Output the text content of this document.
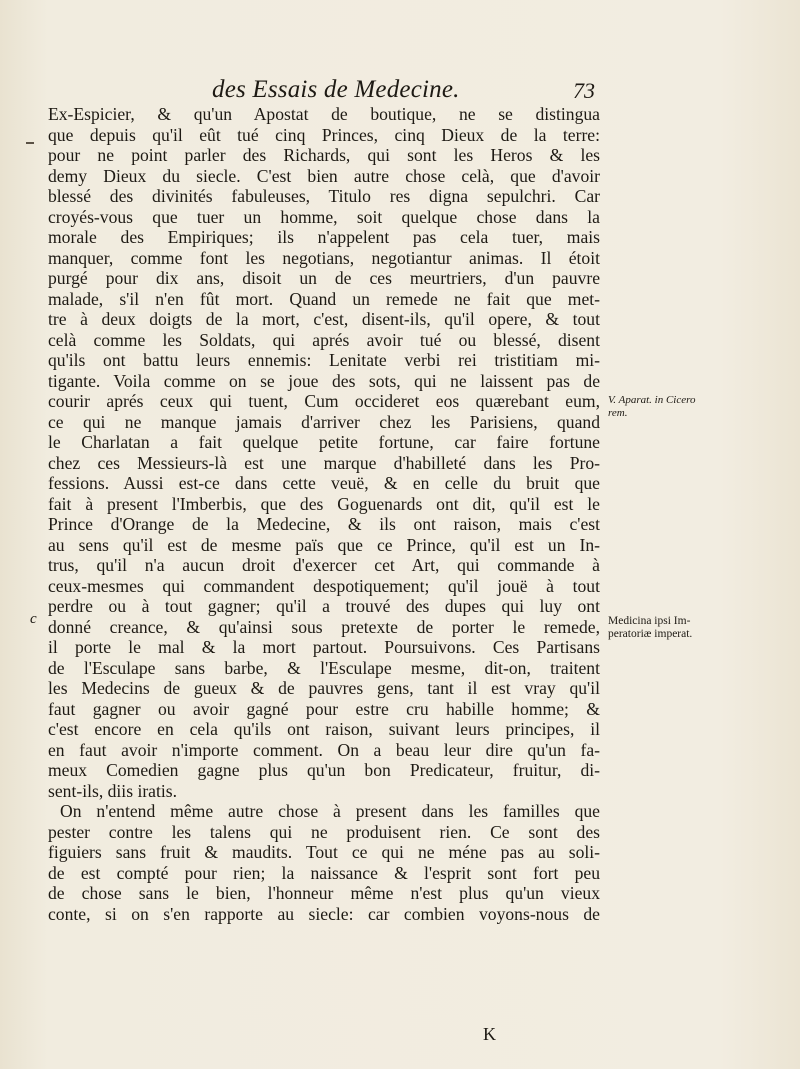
des Essais de Medecine.	73
c
Ex-Espicier, & qu'un Apostat de boutique, ne se distingua
que depuis qu'il eût tué cinq Princes, cinq Dieux de la terre:
pour ne point parler des Richards, qui sont les Heros & les
demy Dieux du siecle. C'est bien autre chose celà, que d'avoir
blessé des divinités fabuleuses, Titulo res digna sepulchri. Car
croyés-vous que tuer un homme, soit quelque chose dans la
morale des Empiriques; ils n'appelent pas cela tuer, mais
manquer, comme font les negotians, negotiantur animas. Il étoit
purgé pour dix ans, disoit un de ces meurtriers, d'un pauvre
malade, s'il n'en fût mort. Quand un remede ne fait que met-
tre à deux doigts de la mort, c'est, disent-ils, qu'il opere, & tout
celà comme les Soldats, qui aprés avoir tué ou blessé, disent
qu'ils ont battu leurs ennemis: Lenitate verbi rei tristitiam mi-
tigante. Voila comme on se joue des sots, qui ne laissent pas de
courir aprés ceux qui tuent, Cum occideret eos quærebant eum,
ce qui ne manque jamais d'arriver chez les Parisiens, quand
le Charlatan a fait quelque petite fortune, car faire fortune
chez ces Messieurs-là est une marque d'habilleté dans les Pro-
fessions. Aussi est-ce dans cette veuë, & en celle du bruit que
fait à present l'Imberbis, que des Goguenards ont dit, qu'il est le
Prince d'Orange de la Medecine, & ils ont raison, mais c'est
au sens qu'il est de mesme païs que ce Prince, qu'il est un In-
trus, qu'il n'a aucun droit d'exercer cet Art, qui commande à
ceux-mesmes qui commandent despotiquement; qu'il jouë à tout
perdre ou à tout gagner; qu'il a trouvé des dupes qui luy ont
donné creance, & qu'ainsi sous pretexte de porter le remede,
il porte le mal & la mort partout. Poursuivons. Ces Partisans
de l'Esculape sans barbe, & l'Esculape mesme, dit-on, traitent
les Medecins de gueux & de pauvres gens, tant il est vray qu'il
faut gagner ou avoir gagné pour estre cru habille homme; &
c'est encore en cela qu'ils ont raison, suivant leurs principes, il
en faut avoir n'importe comment. On a beau leur dire qu'un fa-
meux Comedien gagne plus qu'un bon Predicateur, fruitur, di-
sent-ils, diis iratis.
On n'entend même autre chose à present dans les familles que
pester contre les talens qui ne produisent rien. Ce sont des
figuiers sans fruit & maudits. Tout ce qui ne méne pas au soli-
de est compté pour rien; la naissance & l'esprit sont fort peu
de chose sans le bien, l'honneur même n'est plus qu'un vieux
conte, si on s'en rapporte au siecle: car combien voyons-nous de
V. Aparat. in Cicero
rem.
Medicina ipsi Im-
peratoriæ imperat.
K
